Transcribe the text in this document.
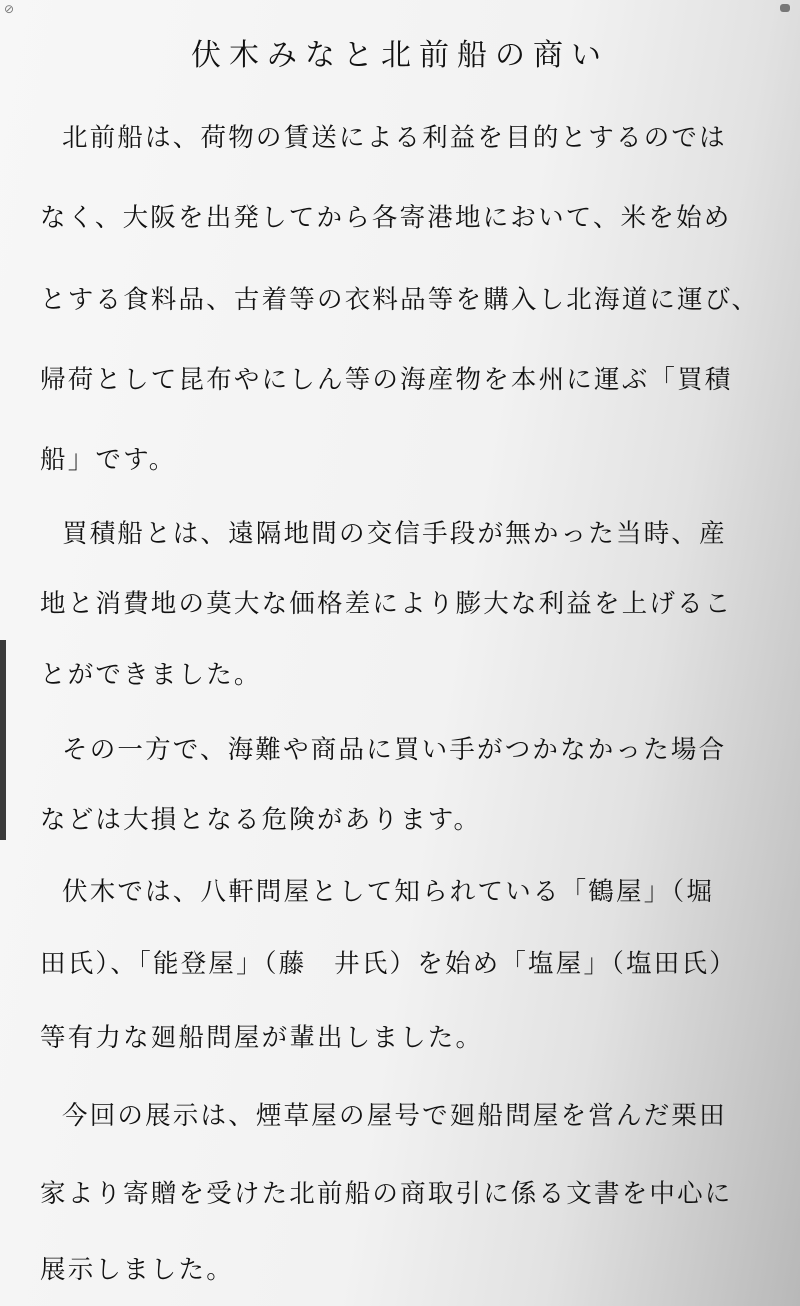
⊘
伏木みなと北前船の商い
北前船は、荷物の賃送による利益を目的とするのでは
なく、大阪を出発してから各寄港地において、米を始め
とする食料品、古着等の衣料品等を購入し北海道に運び、
帰荷として昆布やにしん等の海産物を本州に運ぶ「買積
船」です。
買積船とは、遠隔地間の交信手段が無かった当時、産
地と消費地の莫大な価格差により膨大な利益を上げるこ
とができました。
その一方で、海難や商品に買い手がつかなかった場合
などは大損となる危険があります。
伏木では、八軒問屋として知られている「鶴屋」（堀
田氏）、「能登屋」（藤　井氏）を始め「塩屋」（塩田氏）
等有力な廻船問屋が輩出しました。
今回の展示は、煙草屋の屋号で廻船問屋を営んだ栗田
家より寄贈を受けた北前船の商取引に係る文書を中心に
展示しました。
